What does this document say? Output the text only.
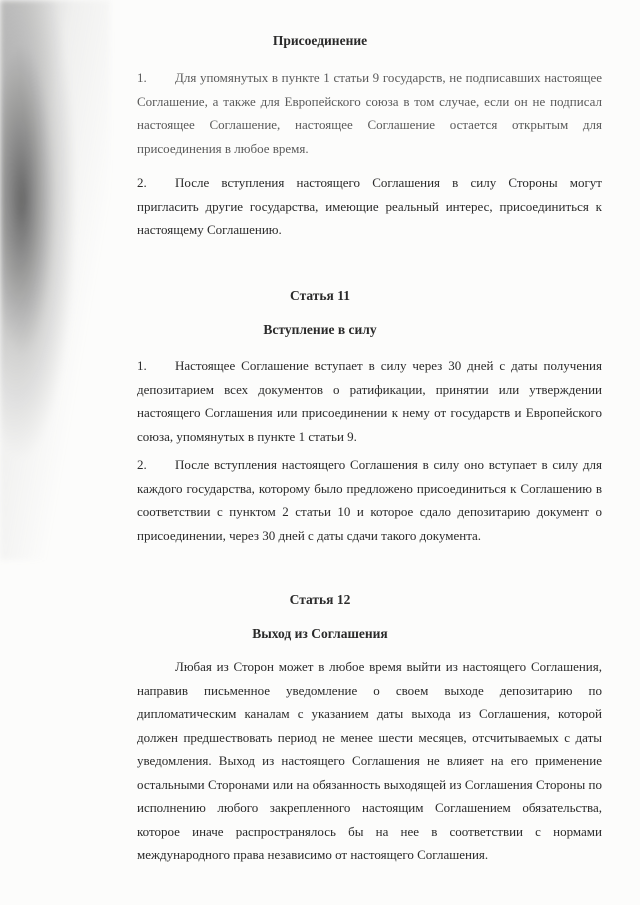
Присоединение

1. Для упомянутых в пункте 1 статьи 9 государств, не подписавших настоящее Соглашение, а также для Европейского союза в том случае, если он не подписал настоящее Соглашение, настоящее Соглашение остается открытым для присоединения в любое время.

2. После вступления настоящего Соглашения в силу Стороны могут пригласить другие государства, имеющие реальный интерес, присоединиться к настоящему Соглашению.

Статья 11
Вступление в силу

1. Настоящее Соглашение вступает в силу через 30 дней с даты получения депозитарием всех документов о ратификации, принятии или утверждении настоящего Соглашения или присоединении к нему от государств и Европейского союза, упомянутых в пункте 1 статьи 9.

2. После вступления настоящего Соглашения в силу оно вступает в силу для каждого государства, которому было предложено присоединиться к Соглашению в соответствии с пунктом 2 статьи 10 и которое сдало депозитарию документ о присоединении, через 30 дней с даты сдачи такого документа.

Статья 12
Выход из Соглашения

Любая из Сторон может в любое время выйти из настоящего Соглашения, направив письменное уведомление о своем выходе депозитарию по дипломатическим каналам с указанием даты выхода из Соглашения, которой должен предшествовать период не менее шести месяцев, отсчитываемых с даты уведомления. Выход из настоящего Соглашения не влияет на его применение остальными Сторонами или на обязанность выходящей из Соглашения Стороны по исполнению любого закрепленного настоящим Соглашением обязательства, которое иначе распространялось бы на нее в соответствии с нормами международного права независимо от настоящего Соглашения.
